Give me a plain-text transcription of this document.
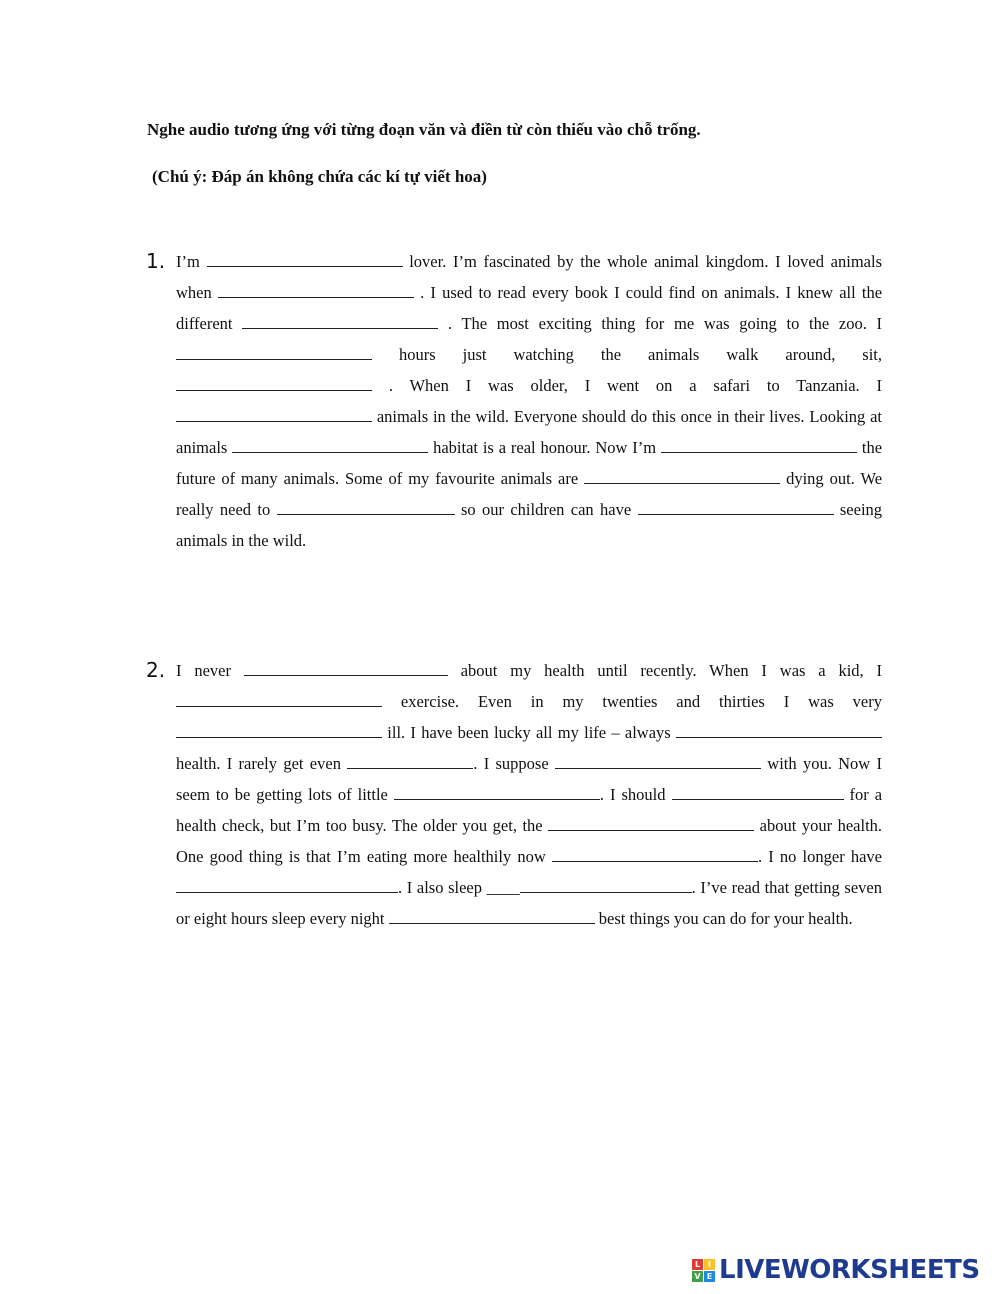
Nghe audio tương ứng với từng đoạn văn và điền từ còn thiếu vào chỗ trống.

(Chú ý: Đáp án không chứa các kí tự viết hoa)

1. I’m	lover. I’m fascinated by the whole animal kingdom. I loved animals when	. I used to read every book I could find on animals. I knew all the different	. The most exciting thing for me was going to the zoo. I  hours just watching the animals walk around, sit,  . When I was older, I went on a safari to Tanzania. I  animals in the wild. Everyone should do this once in their lives. Looking at animals	habitat is a real honour. Now I’m	the future of many animals. Some of my favourite animals are	dying out. We really need to	so our children can have	seeing animals in the wild.

2. I never	about my health until recently. When I was a kid, I  exercise. Even in my twenties and thirties I was very  ill. I have been lucky all my life – always  health. I rarely get even	. I suppose	with you. Now I seem to be getting lots of little	. I should	for a health check, but I’m too busy. The older you get, the	about your health. One good thing is that I’m eating more healthily now	. I no longer have . I also sleep ____	. I’ve read that getting seven or eight hours sleep every night	best things you can do for your health.

L I
V E LIVEWORKSHEETS
